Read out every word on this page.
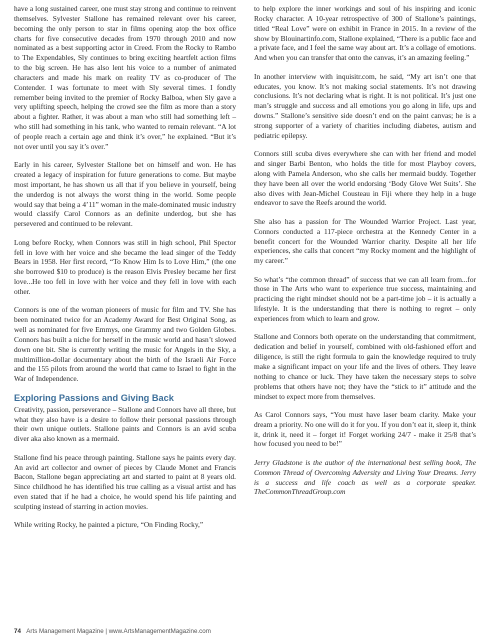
have a long sustained career, one must stay strong and continue to reinvent themselves. Sylvester Stallone has remained relevant over his career, becoming the only person to star in films opening atop the box office charts for five consecutive decades from 1970 through 2010 and now nominated as a best supporting actor in Creed. From the Rocky to Rambo to The Expendables, Sly continues to bring exciting heartfelt action films to the big screen. He has also lent his voice to a number of animated characters and made his mark on reality TV as co-producer of The Contender. I was fortunate to meet with Sly several times. I fondly remember being invited to the premier of Rocky Balboa, when Sly gave a very uplifting speech, helping the crowd see the film as more than a story about a fighter. Rather, it was about a man who still had something left – who still had something in his tank, who wanted to remain relevant. “A lot of people reach a certain age and think it’s over,” he explained. “But it’s not over until you say it’s over.”

Early in his career, Sylvester Stallone bet on himself and won. He has created a legacy of inspiration for future generations to come. But maybe most important, he has shown us all that if you believe in yourself, being the underdog is not always the worst thing in the world. Some people would say that being a 4’11” woman in the male-dominated music industry would classify Carol Connors as an definite underdog, but she has persevered and continued to be relevant.

Long before Rocky, when Connors was still in high school, Phil Spector fell in love with her voice and she became the lead singer of the Teddy Bears in 1958. Her first record, “To Know Him Is to Love Him,” (the one she borrowed $10 to produce) is the reason Elvis Presley became her first love...He too fell in love with her voice and they fell in love with each other.

Connors is one of the woman pioneers of music for film and TV. She has been nominated twice for an Academy Award for Best Original Song, as well as nominated for five Emmys, one Grammy and two Golden Globes. Connors has built a niche for herself in the music world and hasn’t slowed down one bit. She is currently writing the music for Angels in the Sky, a multimillion-dollar documentary about the birth of the Israeli Air Force and the 155 pilots from around the world that came to Israel to fight in the War of Independence.

Exploring Passions and Giving Back

Creativity, passion, perseverance – Stallone and Connors have all three, but what they also have is a desire to follow their personal passions through their own unique outlets. Stallone paints and Connors is an avid scuba diver aka also known as a mermaid.

Stallone find his peace through painting. Stallone says he paints every day. An avid art collector and owner of pieces by Claude Monet and Francis Bacon, Stallone began appreciating art and started to paint at 8 years old. Since childhood he has identified his true calling as a visual artist and has even stated that if he had a choice, he would spend his life painting and sculpting instead of starring in action movies.

While writing Rocky, he painted a picture, “On Finding Rocky,”

to help explore the inner workings and soul of his inspiring and iconic Rocky character. A 10-year retrospective of 300 of Stallone’s paintings, titled “Real Love” were on exhibit in France in 2015. In a review of the show by Blouinartinfo.com, Stallone explained, “There is a public face and a private face, and I feel the same way about art. It’s a collage of emotions. And when you can transfer that onto the canvas, it’s an amazing feeling.”

In another interview with inquisitr.com, he said, “My art isn’t one that educates, you know. It’s not making social statements. It’s not drawing conclusions. It’s not declaring what is right. It is not political. It’s just one man’s struggle and success and all emotions you go along in life, ups and downs.” Stallone’s sensitive side doesn’t end on the paint canvas; he is a strong supporter of a variety of charities including diabetes, autism and pediatric epilepsy.

Connors still scuba dives everywhere she can with her friend and model and singer Barbi Benton, who holds the title for most Playboy covers, along with Pamela Anderson, who she calls her mermaid buddy. Together they have been all over the world endorsing ‘Body Glove Wet Suits’. She also dives with Jean-Michel Cousteau in Fiji where they help in a huge endeavor to save the Reefs around the world.

She also has a passion for The Wounded Warrior Project. Last year, Connors conducted a 117-piece orchestra at the Kennedy Center in a benefit concert for the Wounded Warrior charity. Despite all her life experiences, she calls that concert “my Rocky moment and the highlight of my career.”

So what’s “the common thread” of success that we can all learn from...for those in The Arts who want to experience true success, maintaining and practicing the right mindset should not be a part-time job – it is actually a lifestyle. It is the understanding that there is nothing to regret – only experiences from which to learn and grow.

Stallone and Connors both operate on the understanding that commitment, dedication and belief in yourself, combined with old-fashioned effort and diligence, is still the right formula to gain the knowledge required to truly make a significant impact on your life and the lives of others. They leave nothing to chance or luck. They have taken the necessary steps to solve problems that others have not; they have the “stick to it” attitude and the mindset to expect more from themselves.

As Carol Connors says, “You must have laser beam clarity. Make your dream a priority. No one will do it for you. If you don’t eat it, sleep it, think it, drink it, need it – forget it! Forget working 24/7 - make it 25/8 that’s how focused you need to be!”

Jerry Gladstone is the author of the international best selling book, The Common Thread of Overcoming Adversity and Living Your Dreams. Jerry is a success and life coach as well as a corporate speaker. TheCommonThreadGroup.com

74 Arts Management Magazine | www.ArtsManagementMagazine.com
